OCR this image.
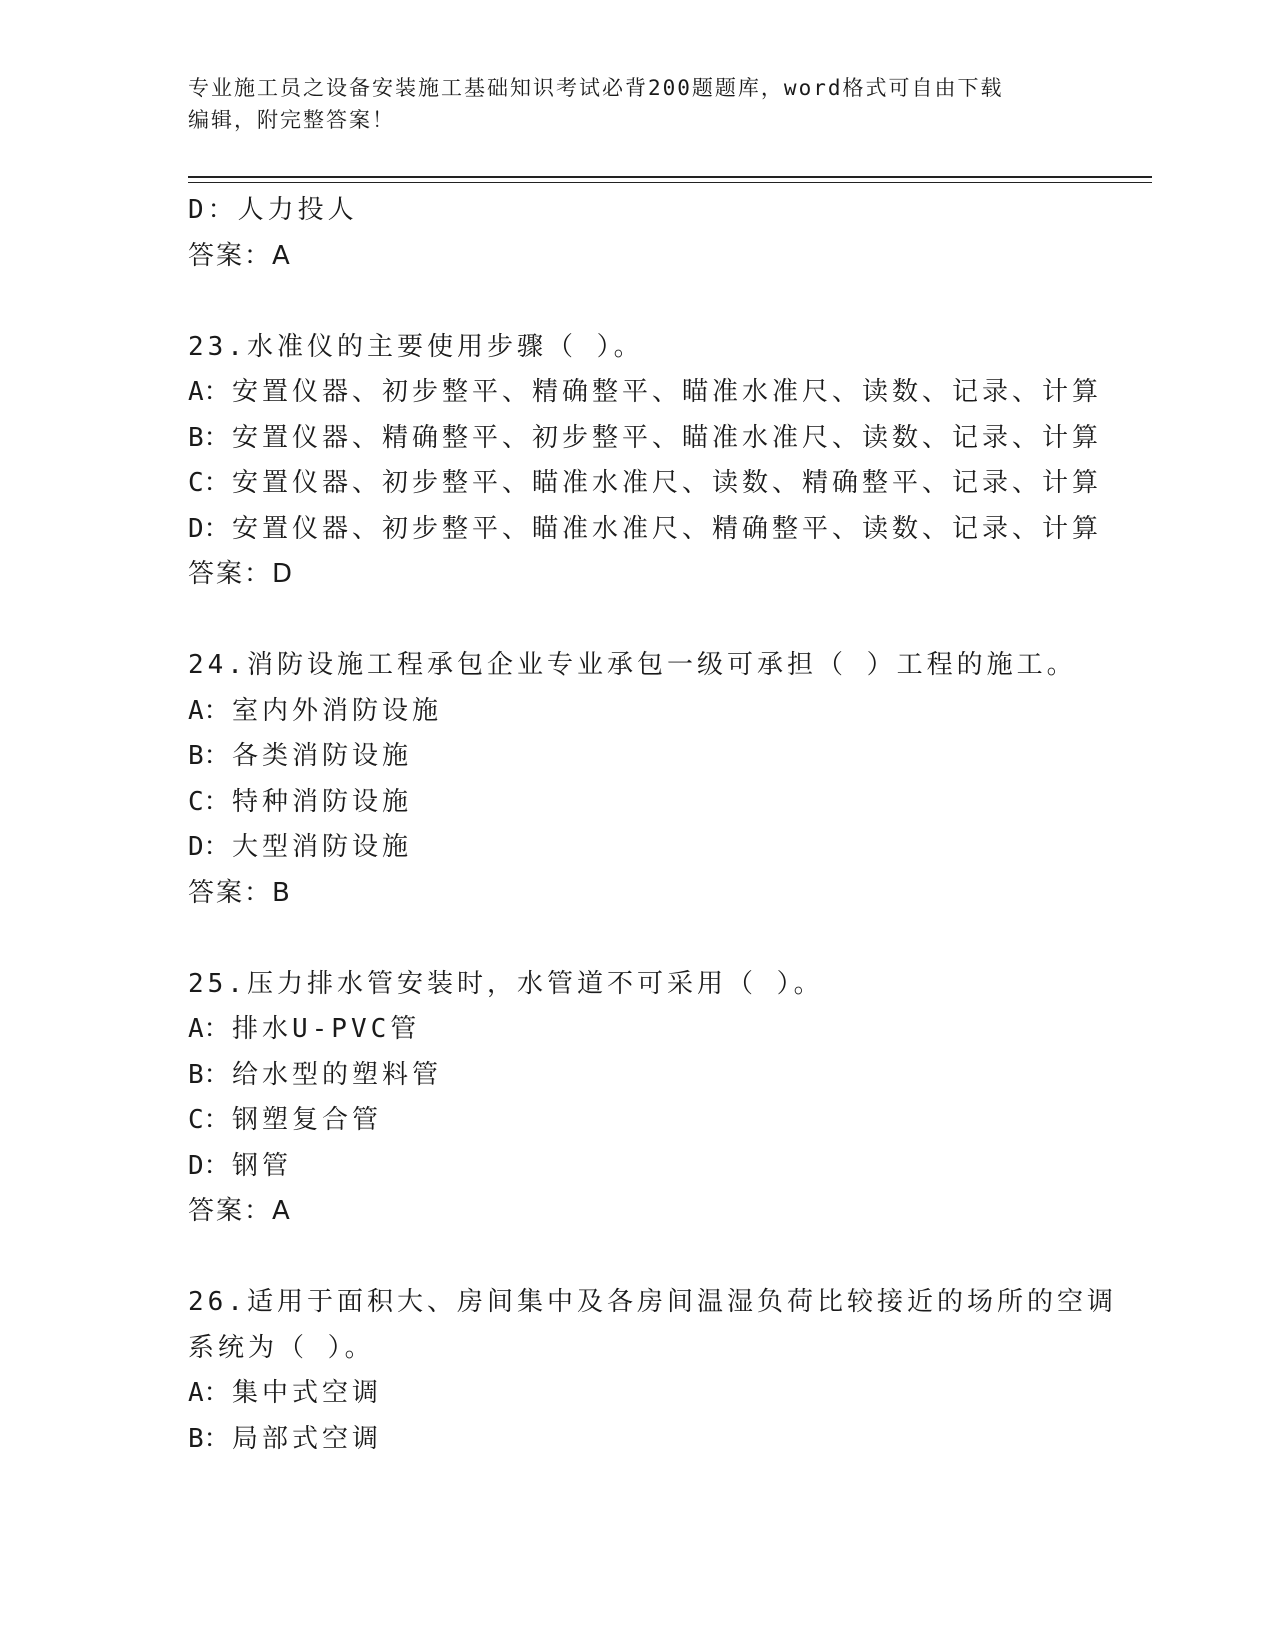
专业施工员之设备安装施工基础知识考试必背200题题库，word格式可自由下载
编辑，附完整答案！
D：人力投人
答案：A
23.水准仪的主要使用步骤（ ）。
A：安置仪器、初步整平、精确整平、瞄准水准尺、读数、记录、计算
B：安置仪器、精确整平、初步整平、瞄准水准尺、读数、记录、计算
C：安置仪器、初步整平、瞄准水准尺、读数、精确整平、记录、计算
D：安置仪器、初步整平、瞄准水准尺、精确整平、读数、记录、计算
答案：D
24.消防设施工程承包企业专业承包一级可承担（ ）工程的施工。
A：室内外消防设施
B：各类消防设施
C：特种消防设施
D：大型消防设施
答案：B
25.压力排水管安装时，水管道不可采用（ ）。
A：排水U-PVC管
B：给水型的塑料管
C：钢塑复合管
D：钢管
答案：A
26.适用于面积大、房间集中及各房间温湿负荷比较接近的场所的空调
系统为（ ）。
A：集中式空调
B：局部式空调
